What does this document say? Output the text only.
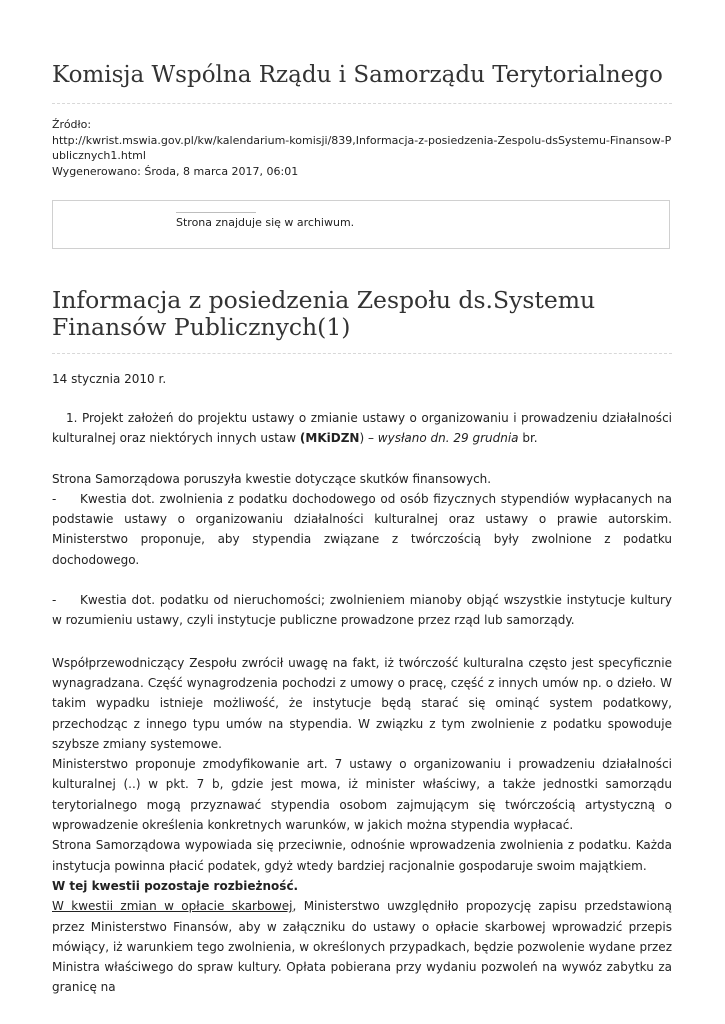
Komisja Wspólna Rządu i Samorządu Terytorialnego
Źródło:
http://kwrist.mswia.gov.pl/kw/kalendarium-komisji/839,Informacja-z-posiedzenia-Zespolu-dsSystemu-Finansow-Publicznych1.html
Wygenerowano: Środa, 8 marca 2017, 06:01
Strona znajduje się w archiwum.
Informacja z posiedzenia Zespołu ds.Systemu Finansów Publicznych(1)
14 stycznia 2010 r.

1. Projekt założeń do projektu ustawy o zmianie ustawy o organizowaniu i prowadzeniu działalności kulturalnej oraz niektórych innych ustaw (MKiDZN) – wysłano dn. 29 grudnia br.

Strona Samorządowa poruszyła kwestie dotyczące skutków finansowych.

- Kwestia dot. zwolnienia z podatku dochodowego od osób fizycznych stypendiów wypłacanych na podstawie ustawy o organizowaniu działalności kulturalnej oraz ustawy o prawie autorskim. Ministerstwo proponuje, aby stypendia związane z twórczością były zwolnione z podatku dochodowego.

- Kwestia dot. podatku od nieruchomości; zwolnieniem mianoby objąć wszystkie instytucje kultury w rozumieniu ustawy, czyli instytucje publiczne prowadzone przez rząd lub samorządy.

Współprzewodniczący Zespołu zwrócił uwagę na fakt, iż twórczość kulturalna często jest specyficznie wynagradzana. Część wynagrodzenia pochodzi z umowy o pracę, część z innych umów np. o dzieło. W takim wypadku istnieje możliwość, że instytucje będą starać się ominąć system podatkowy, przechodząc z innego typu umów na stypendia. W związku z tym zwolnienie z podatku spowoduje szybsze zmiany systemowe.

Ministerstwo proponuje zmodyfikowanie art. 7 ustawy o organizowaniu i prowadzeniu działalności kulturalnej (..) w pkt. 7 b, gdzie jest mowa, iż minister właściwy, a także jednostki samorządu terytorialnego mogą przyznawać stypendia osobom zajmującym się twórczością artystyczną o wprowadzenie określenia konkretnych warunków, w jakich można stypendia wypłacać.

Strona Samorządowa wypowiada się przeciwnie, odnośnie wprowadzenia zwolnienia z podatku. Każda instytucja powinna płacić podatek, gdyż wtedy bardziej racjonalnie gospodaruje swoim majątkiem.

W tej kwestii pozostaje rozbieżność.

W kwestii zmian w opłacie skarbowej, Ministerstwo uwzględniło propozycję zapisu przedstawioną przez Ministerstwo Finansów, aby w załączniku do ustawy o opłacie skarbowej wprowadzić przepis mówiący, iż warunkiem tego zwolnienia, w określonych przypadkach, będzie pozwolenie wydane przez Ministra właściwego do spraw kultury. Opłata pobierana przy wydaniu pozwoleń na wywóz zabytku za granicę na
